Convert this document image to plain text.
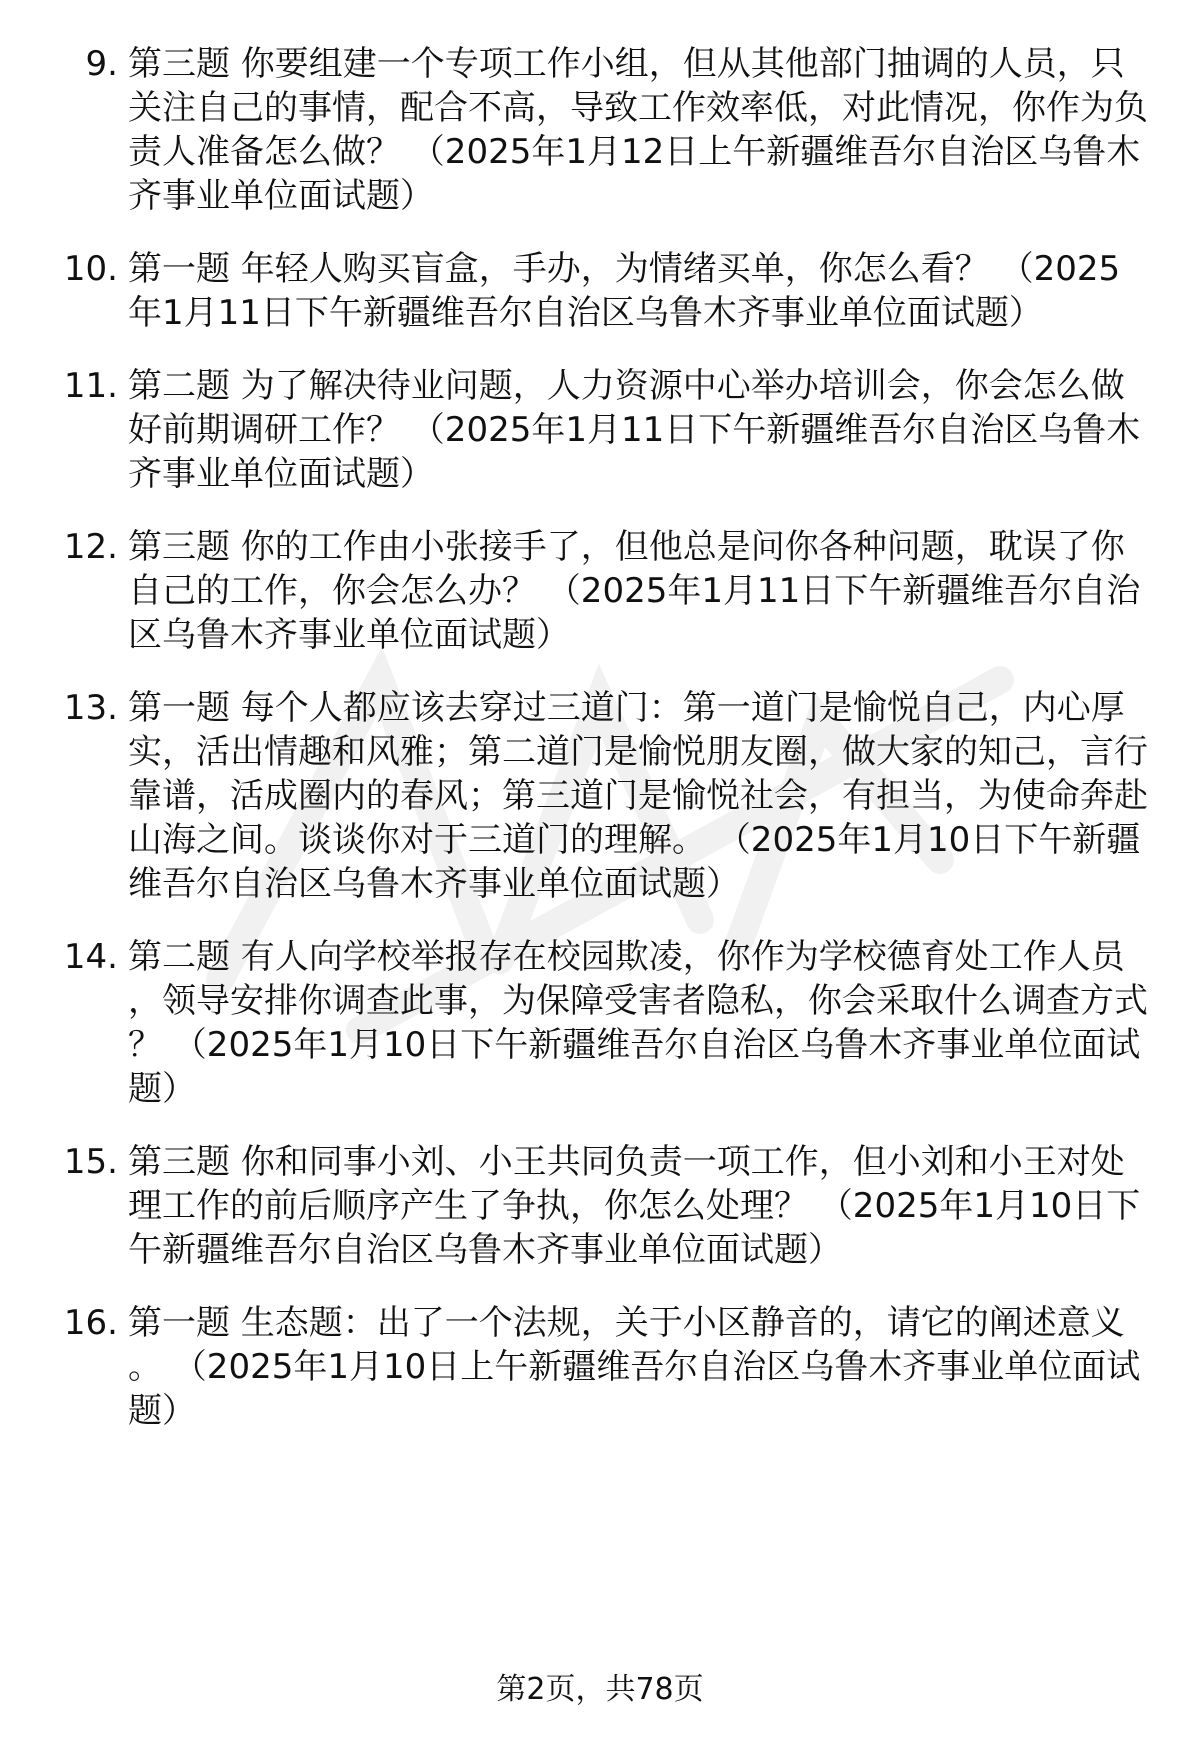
9. 第三题 你要组建一个专项工作小组，但从其他部门抽调的人员，只关注自己的事情，配合不高，导致工作效率低，对此情况，你作为负责人准备怎么做？ （2025年1月12日上午新疆维吾尔自治区乌鲁木齐事业单位面试题）
10. 第一题 年轻人购买盲盒，手办，为情绪买单，你怎么看？ （2025年1月11日下午新疆维吾尔自治区乌鲁木齐事业单位面试题）
11. 第二题 为了解决待业问题，人力资源中心举办培训会，你会怎么做好前期调研工作？ （2025年1月11日下午新疆维吾尔自治区乌鲁木齐事业单位面试题）
12. 第三题 你的工作由小张接手了，但他总是问你各种问题，耽误了你自己的工作，你会怎么办？ （2025年1月11日下午新疆维吾尔自治区乌鲁木齐事业单位面试题）
13. 第一题 每个人都应该去穿过三道门：第一道门是愉悦自己，内心厚实，活出情趣和风雅；第二道门是愉悦朋友圈，做大家的知己，言行靠谱，活成圈内的春风；第三道门是愉悦社会，有担当，为使命奔赴山海之间。谈谈你对于三道门的理解。 （2025年1月10日下午新疆维吾尔自治区乌鲁木齐事业单位面试题）
14. 第二题 有人向学校举报存在校园欺凌，你作为学校德育处工作人员，领导安排你调查此事，为保障受害者隐私，你会采取什么调查方式？ （2025年1月10日下午新疆维吾尔自治区乌鲁木齐事业单位面试题）
15. 第三题 你和同事小刘、小王共同负责一项工作，但小刘和小王对处理工作的前后顺序产生了争执，你怎么处理？ （2025年1月10日下午新疆维吾尔自治区乌鲁木齐事业单位面试题）
16. 第一题 生态题：出了一个法规，关于小区静音的，请它的阐述意义。 （2025年1月10日上午新疆维吾尔自治区乌鲁木齐事业单位面试题）
第2页，共78页
